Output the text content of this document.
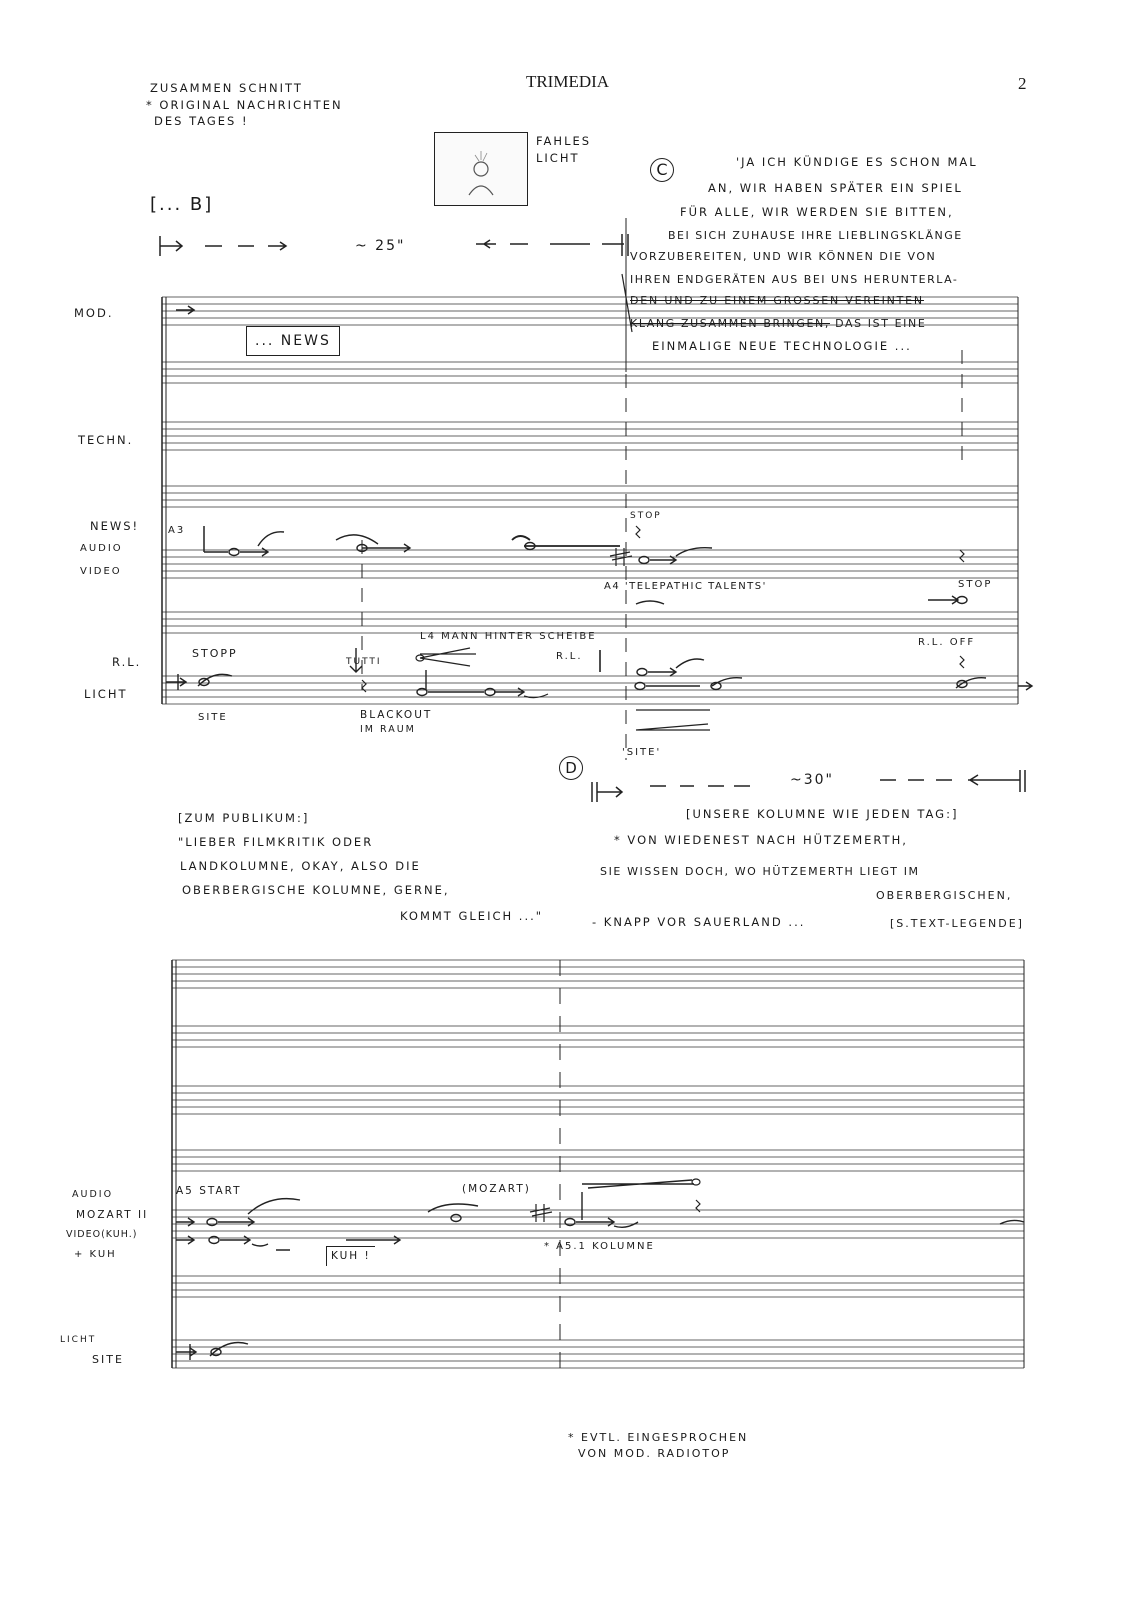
TRIMEDIA	2
ZUSAMMEN SCHNITT
* ORIGINAL NACHRICHTEN
DES TAGES !
FAHLES
LICHT
[... B]
~ 25"
C	'JA ICH KÜNDIGE ES SCHON MAL
AN, WIR HABEN SPÄTER EIN SPIEL
FÜR ALLE, WIR WERDEN SIE BITTEN,
BEI SICH ZUHAUSE IHRE LIEBLINGSKLÄNGE
VORZUBEREITEN, UND WIR KÖNNEN DIE VON
IHREN ENDGERÄTEN AUS BEI UNS HERUNTERLA-
DEN UND ZU EINEM GROSSEN VEREINTEN
KLANG ZUSAMMEN BRINGEN, DAS IST EINE
EINMALIGE NEUE TECHNOLOGIE ...
MOD.
TECHN.
NEWS!
AUDIO
VIDEO
R.L.
LICHT
... NEWS
A3
STOP
A4 'TELEPATHIC TALENTS'	STOP
L4 MANN HINTER SCHEIBE
STOPP
TUTTI	R.L.
R.L. OFF
SITE	BLACKOUT
IM RAUM
'SITE'
D
~30"
[ZUM PUBLIKUM:]
"LIEBER FILMKRITIK ODER
LANDKOLUMNE, OKAY, ALSO DIE
OBERBERGISCHE KOLUMNE, GERNE,
KOMMT GLEICH ..."
[UNSERE KOLUMNE WIE JEDEN TAG:]
* VON WIEDENEST NACH HÜTZEMERTH,
SIE WISSEN DOCH, WO HÜTZEMERTH LIEGT IM
OBERBERGISCHEN,
- KNAPP VOR SAUERLAND ...	[S.TEXT-LEGENDE]
AUDIO
MOZART II
VIDEO(KUH.)
+ KUH
LICHT
SITE
A5 START	(MOZART)
KUH !
* A5.1 KOLUMNE
* EVTL. EINGESPROCHEN
VON MOD. RADIOTOP
